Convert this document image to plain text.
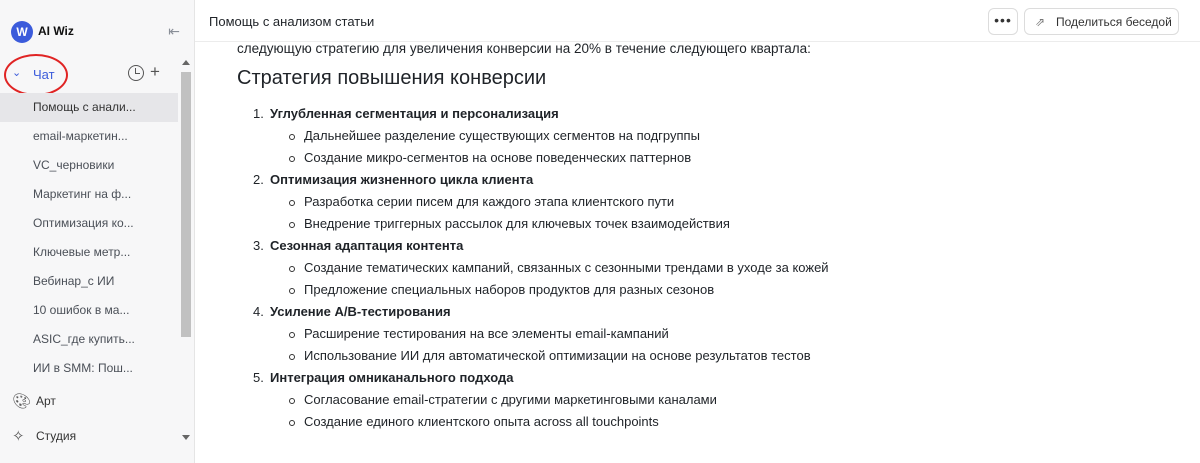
W AI Wiz	⇤
⌄ Чат	+
Помощь с анали...
email-маркетин...
VC_черновики
Маркетинг на ф...
Оптимизация ко...
Ключевые метр...
Вебинар_с ИИ
10 ошибок в ма...
ASIC_где купить...
ИИ в SMM: Пош...
🎨︎ Арт
✧ Студия
Помощь с анализом статьи	•••	⇗ Поделиться беседой
следующую стратегию для увеличения конверсии на 20% в течение следующего квартала:
Стратегия повышения конверсии
1. Углубленная сегментация и персонализация
Дальнейшее разделение существующих сегментов на подгруппы
Создание микро-сегментов на основе поведенческих паттернов
2. Оптимизация жизненного цикла клиента
Разработка серии писем для каждого этапа клиентского пути
Внедрение триггерных рассылок для ключевых точек взаимодействия
3. Сезонная адаптация контента
Создание тематических кампаний, связанных с сезонными трендами в уходе за кожей
Предложение специальных наборов продуктов для разных сезонов
4. Усиление A/B-тестирования
Расширение тестирования на все элементы email-кампаний
Использование ИИ для автоматической оптимизации на основе результатов тестов
5. Интеграция омниканального подхода
Согласование email-стратегии с другими маркетинговыми каналами
Создание единого клиентского опыта across all touchpoints
